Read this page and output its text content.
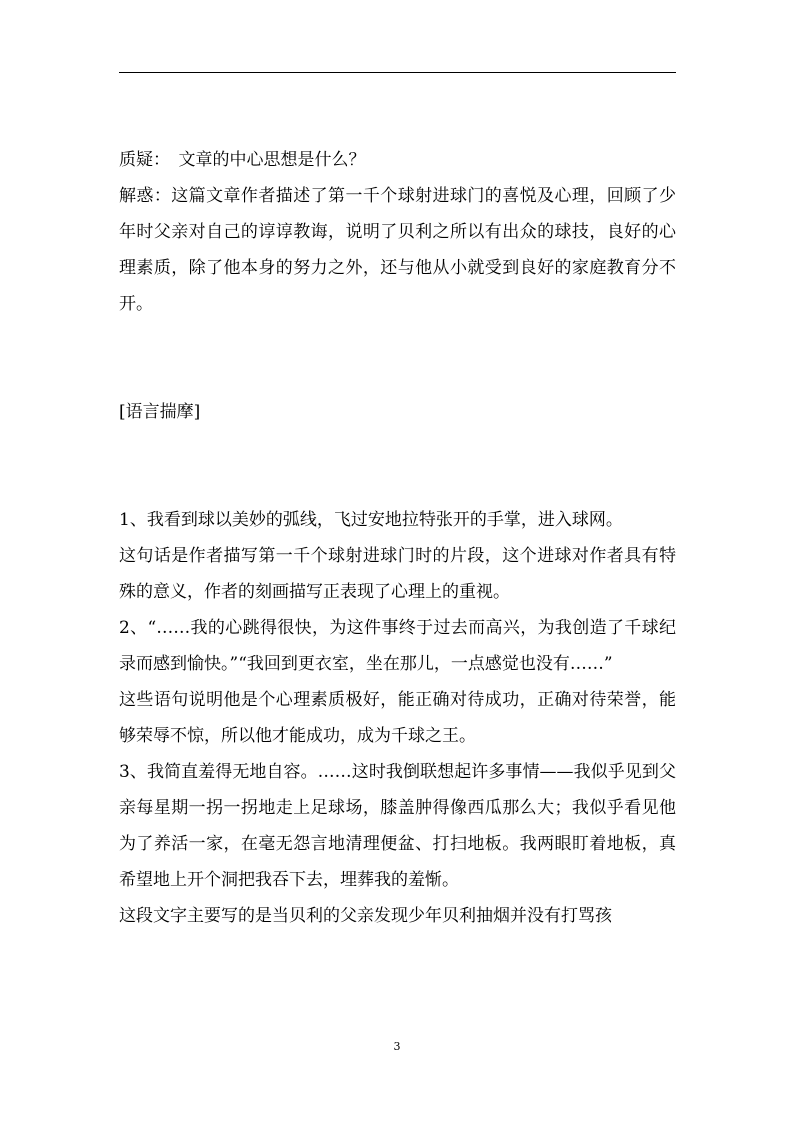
质疑：　文章的中心思想是什么？

解惑：这篇文章作者描述了第一千个球射进球门的喜悦及心理，回顾了少年时父亲对自己的谆谆教诲，说明了贝利之所以有出众的球技，良好的心理素质，除了他本身的努力之外，还与他从小就受到良好的家庭教育分不开。

[语言揣摩]

1、我看到球以美妙的弧线，飞过安地拉特张开的手掌，进入球网。

这句话是作者描写第一千个球射进球门时的片段，这个进球对作者具有特殊的意义，作者的刻画描写正表现了心理上的重视。

2、“……我的心跳得很快，为这件事终于过去而高兴，为我创造了千球纪录而感到愉快。”“我回到更衣室，坐在那儿，一点感觉也没有……”

这些语句说明他是个心理素质极好，能正确对待成功，正确对待荣誉，能够荣辱不惊，所以他才能成功，成为千球之王。

3、我简直羞得无地自容。……这时我倒联想起许多事情——我似乎见到父亲每星期一拐一拐地走上足球场，膝盖肿得像西瓜那么大；我似乎看见他为了养活一家，在毫无怨言地清理便盆、打扫地板。我两眼盯着地板，真希望地上开个洞把我吞下去，埋葬我的羞惭。

这段文字主要写的是当贝利的父亲发现少年贝利抽烟并没有打骂孩

3
